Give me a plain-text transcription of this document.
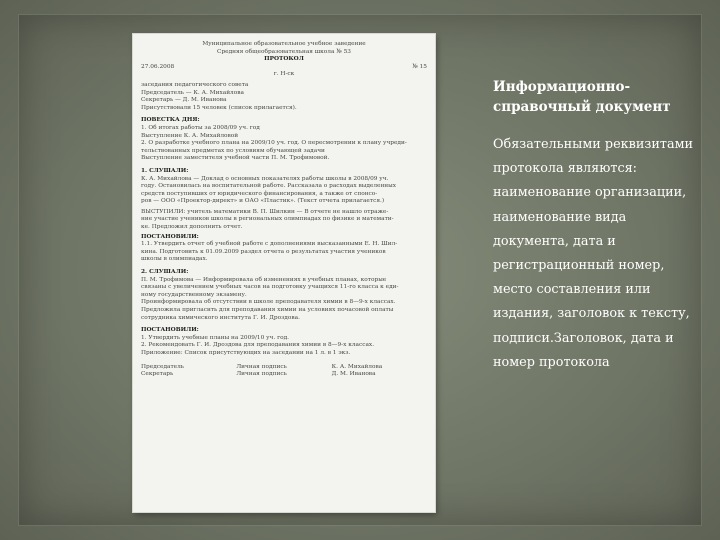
Муниципальное образовательное учебное заведение

Средняя общеобразовательная школа № 53

ПРОТОКОЛ

27.06.2008	№ 15

г. Н-ск

заседания педагогического совета

Председатель — К. А. Михайлова

Секретарь — Д. М. Иванова

Присутствовали 15 человек (список прилагается).

ПОВЕСТКА ДНЯ:

1. Об итогах работы за 2008/09 уч. год

Выступление К. А. Михайловой

2. О разработке учебного плана на 2009/10 уч. год. О пересмотрении к плану учреди-

тельствованных предметах по условиям обучающей задачи

Выступление заместителя учебной части П. М. Трофимовой.

1. СЛУШАЛИ:

К. А. Михайлова — Доклад о основных показателях работы школы в 2008/09 уч.

году. Остановилась на воспитательной работе. Рассказала о расходах выделенных

средств поступивших от юридического финансирования, а также от спонсо-

ров — ООО «Проектор-директ» и ОАО «Пластик». (Текст отчета прилагается.)

ВЫСТУПИЛИ: учитель математики В. П. Шилкин — В отчете не нашло отраже-

ние участие учеников школы в региональных олимпиадах по физике и математи-

ке. Предложил дополнить отчет.

ПОСТАНОВИЛИ:

1.1. Утвердить отчет об учебной работе с дополнениями высказанными Е. Н. Шил-

кина. Подготовить к 01.09.2009 раздел отчета о результатах участия учеников

школы в олимпиадах.

2. СЛУШАЛИ:

П. М. Трофимова — Информировала об изменениях в учебных планах, которые

связаны с увеличением учебных часов на подготовку учащихся 11-го класса к еди-

ному государственному экзамену.

Проинформировала об отсутствии в школе преподавателя химии в 8—9-х классах.

Предложила пригласить для преподавания химии на условиях почасовой оплаты

сотрудника химического института Г. И. Дроздова.

ПОСТАНОВИЛИ:

1. Утвердить учебные планы на 2009/10 уч. год.

2. Рекомендовать Г. И. Дроздова для преподавания химии в 8—9-х классах.

Приложение: Список присутствующих на заседании на 1 л. в 1 экз.

Председатель	Личная подпись	К. А. Михайлова
Секретарь	Личная подпись	Д. М. Иванова
Информационно-справочный документ
Обязательными реквизитами протокола являются: наименование организации, наименование вида документа, дата и регистрационный номер, место составления или издания, заголовок к тексту, подписи.Заголовок, дата и номер протокола
